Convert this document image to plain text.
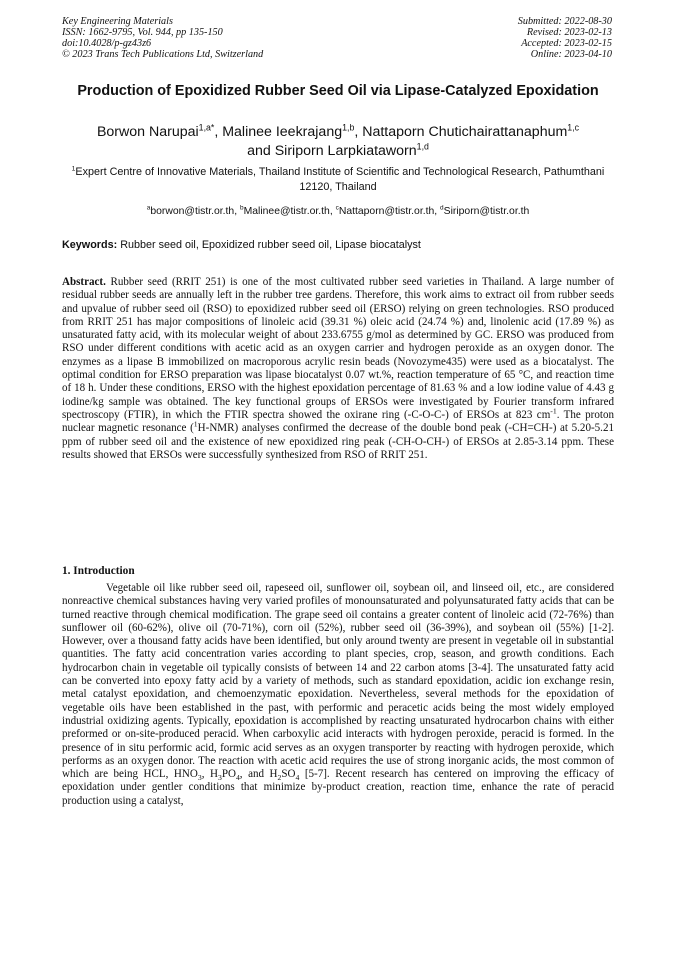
Key Engineering Materials
ISSN: 1662-9795, Vol. 944, pp 135-150
doi:10.4028/p-gz43z6
© 2023 Trans Tech Publications Ltd, Switzerland
Submitted: 2022-08-30
Revised: 2023-02-13
Accepted: 2023-02-15
Online: 2023-04-10
Production of Epoxidized Rubber Seed Oil via Lipase-Catalyzed Epoxidation
Borwon Narupai$^{1,a*}$, Malinee Ieekrajang$^{1,b}$, Nattaporn Chutichairattanaphum$^{1,c}$
and Siriporn Larpkiataworn$^{1,d}$
$^1$Expert Centre of Innovative Materials, Thailand Institute of Scientific and Technological Research, Pathumthani 12120, Thailand
$^a$borwon@tistr.or.th, $^b$Malinee@tistr.or.th, $^c$Nattaporn@tistr.or.th, $^d$Siriporn@tistr.or.th
Keywords: Rubber seed oil, Epoxidized rubber seed oil, Lipase biocatalyst
Abstract. Rubber seed (RRIT 251) is one of the most cultivated rubber seed varieties in Thailand. A large number of residual rubber seeds are annually left in the rubber tree gardens. Therefore, this work aims to extract oil from rubber seeds and upvalue of rubber seed oil (RSO) to epoxidized rubber seed oil (ERSO) relying on green technologies. RSO produced from RRIT 251 has major compositions of linoleic acid (39.31 %) oleic acid (24.74 %) and, linolenic acid (17.89 %) as unsaturated fatty acid, with its molecular weight of about 233.6755 g/mol as determined by GC. ERSO was produced from RSO under different conditions with acetic acid as an oxygen carrier and hydrogen peroxide as an oxygen donor. The enzymes as a lipase B immobilized on macroporous acrylic resin beads (Novozyme435) were used as a biocatalyst. The optimal condition for ERSO preparation was lipase biocatalyst 0.07 wt.%, reaction temperature of 65 °C, and reaction time of 18 h. Under these conditions, ERSO with the highest epoxidation percentage of 81.63 % and a low iodine value of 4.43 g iodine/kg sample was obtained. The key functional groups of ERSOs were investigated by Fourier transform infrared spectroscopy (FTIR), in which the FTIR spectra showed the oxirane ring (-C-O-C-) of ERSOs at 823 $cm^{-1}$. The proton nuclear magnetic resonance ($^1$H-NMR) analyses confirmed the decrease of the double bond peak (-CH=CH-) at 5.20-5.21 ppm of rubber seed oil and the existence of new epoxidized ring peak (-CH-O-CH-) of ERSOs at 2.85-3.14 ppm. These results showed that ERSOs were successfully synthesized from RSO of RRIT 251.
1. Introduction
Vegetable oil like rubber seed oil, rapeseed oil, sunflower oil, soybean oil, and linseed oil, etc., are considered nonreactive chemical substances having very varied profiles of monounsaturated and polyunsaturated fatty acids that can be turned reactive through chemical modification. The grape seed oil contains a greater content of linoleic acid (72-76%) than sunflower oil (60-62%), olive oil (70-71%), corn oil (52%), rubber seed oil (36-39%), and soybean oil (55%) [1-2]. However, over a thousand fatty acids have been identified, but only around twenty are present in vegetable oil in substantial quantities. The fatty acid concentration varies according to plant species, crop, season, and growth conditions. Each hydrocarbon chain in vegetable oil typically consists of between 14 and 22 carbon atoms [3-4]. The unsaturated fatty acid can be converted into epoxy fatty acid by a variety of methods, such as standard epoxidation, acidic ion exchange resin, metal catalyst epoxidation, and chemoenzymatic epoxidation. Nevertheless, several methods for the epoxidation of vegetable oils have been established in the past, with performic and peracetic acids being the most widely employed industrial oxidizing agents. Typically, epoxidation is accomplished by reacting unsaturated hydrocarbon chains with either preformed or on-site-produced peracid. When carboxylic acid interacts with hydrogen peroxide, peracid is formed. In the presence of in situ performic acid, formic acid serves as an oxygen transporter by reacting with hydrogen peroxide, which performs as an oxygen donor. The reaction with acetic acid requires the use of strong inorganic acids, the most common of which are being HCL, $HNO_3$, $H_3PO_4$, and $H_2SO_4$ [5-7]. Recent research has centered on improving the efficacy of epoxidation under gentler conditions that minimize by-product creation, reaction time, enhance the rate of peracid production using a catalyst,
